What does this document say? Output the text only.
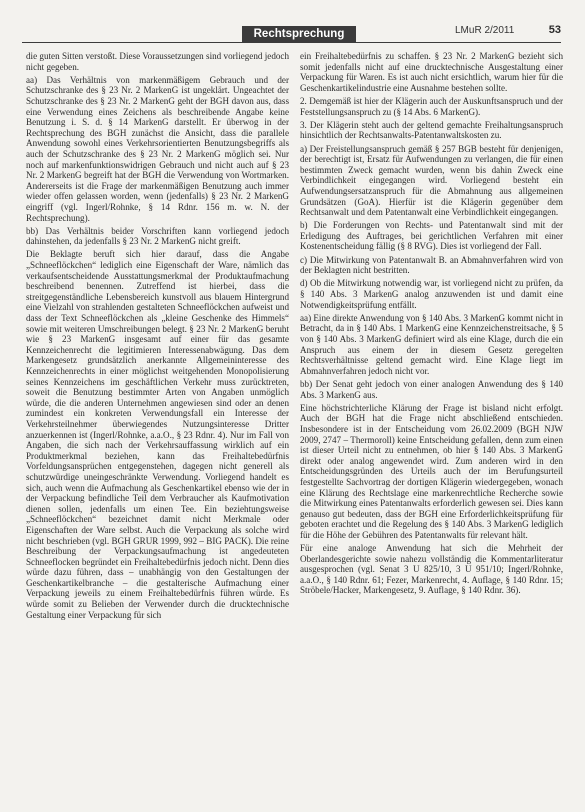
Rechtsprechung	LMuR 2/2011	53

die guten Sitten verstoßt. Diese Voraussetzungen sind vorliegend jedoch nicht gegeben.

aa) Das Verhältnis von markenmäßigem Gebrauch und der Schutzschranke des § 23 Nr. 2 MarkenG ist ungeklärt. Ungeachtet der Schutzschranke des § 23 Nr. 2 MarkenG geht der BGH davon aus, dass eine Verwendung eines Zeichens als beschreibende Angabe keine Benutzung i. S. d. § 14 MarkenG darstellt. Er überwog in der Rechtsprechung des BGH zunächst die Ansicht, dass die parallele Anwendung sowohl eines Verkehrsorientierten Benutzungsbegriffs als auch der Schutzschranke des § 23 Nr. 2 MarkenG möglich sei. Nur noch auf markenfunktionswidrigen Gebrauch und nicht auch auf § 23 Nr. 2 MarkenG begreift hat der BGH die Verwendung von Wortmarken. Andererseits ist die Frage der markenmäßigen Benutzung auch immer wieder offen gelassen worden, wenn (jedenfalls) § 23 Nr. 2 MarkenG eingriff (vgl. Ingerl/Rohnke, § 14 Rdnr. 156 m. w. N. der Rechtsprechung).

bb) Das Verhältnis beider Vorschriften kann vorliegend jedoch dahinstehen, da jedenfalls § 23 Nr. 2 MarkenG nicht greift.

Die Beklagte beruft sich hier darauf, dass die Angabe „Schneeflöckchen“ lediglich eine Eigenschaft der Ware, nämlich das verkaufsentscheidende Ausstattungsmerkmal der Produktaufmachung beschreibend benennen. Zutreffend ist hierbei, dass die streitgegenständliche Lebensbereich kunstvoll aus blauem Hintergrund eine Vielzahl von strahlenden gestalteten Schneeflöckchen aufweist und dass der Text Schneeflöckchen als „kleine Geschenke des Himmels“ sowie mit weiteren Umschreibungen belegt. § 23 Nr. 2 MarkenG beruht wie § 23 MarkenG insgesamt auf einer für das gesamte Kennzeichenrecht die legitimieren Interessenabwägung. Das dem Markengesetz grundsätzlich anerkannte Allgemeininteresse des Kennzeichenrechts in einer möglichst weitgehenden Monopolisierung seines Kennzeichens im geschäftlichen Verkehr muss zurücktreten, soweit die Benutzung bestimmter Arten von Angaben unmöglich würde, die die anderen Unternehmen angewiesen sind oder an denen zumindest ein konkreten Verwendungsfall ein Interesse der Verkehrsteilnehmer überwiegendes Nutzungsinteresse Dritter anzuerkennen ist (Ingerl/Rohnke, a.a.O., § 23 Rdnr. 4). Nur im Fall von Angaben, die sich nach der Verkehrsauffassung wirklich auf ein Produktmerkmal beziehen, kann das Freihaltebedürfnis Vorfeldungsansprüchen entgegenstehen, dagegen nicht generell als schutzwürdige uneingeschränkte Verwendung. Vorliegend handelt es sich, auch wenn die Aufmachung als Geschenkartikel ebenso wie der in der Verpackung befindliche Teil dem Verbraucher als Kaufmotivation dienen sollen, jedenfalls um einen Tee. Ein beziehtungsweise „Schneeflöckchen“ bezeichnet damit nicht Merkmale oder Eigenschaften der Ware selbst. Auch die Verpackung als solche wird nicht beschrieben (vgl. BGH GRUR 1999, 992 – BIG PACK). Die reine Beschreibung der Verpackungsaufmachung ist angedeuteten Schneeflocken begründet ein Freihaltebedürfnis jedoch nicht. Denn dies würde dazu führen, dass – unabhängig von den Gestaltungen der Geschenkartikelbranche – die gestalterische Aufmachung einer Verpackung jeweils zu einem Freihaltebedürfnis führen würde. Es würde somit zu Belieben der Verwender durch die drucktechnische Gestaltung einer Verpackung für sich

ein Freihaltebedürfnis zu schaffen. § 23 Nr. 2 MarkenG bezieht sich somit jedenfalls nicht auf eine drucktechnische Ausgestaltung einer Verpackung für Waren. Es ist auch nicht ersichtlich, warum hier für die Geschenkartikelindustrie eine Ausnahme bestehen sollte.

2. Demgemäß ist hier der Klägerin auch der Auskunftsanspruch und der Feststellungsanspruch zu (§ 14 Abs. 6 MarkenG).

3. Der Klägerin steht auch der geltend gemachte Freihaltungsanspruch hinsichtlich der Rechtsanwalts-Patentanwaltskosten zu.

a) Der Freistellungsanspruch gemäß § 257 BGB besteht für denjenigen, der berechtigt ist, Ersatz für Aufwendungen zu verlangen, die für einen bestimmten Zweck gemacht wurden, wenn bis dahin Zweck eine Verbindlichkeit eingegangen wird. Vorliegend besteht ein Aufwendungsersatzanspruch für die Abmahnung aus allgemeinen Grundsätzen (GoA). Hierfür ist die Klägerin gegenüber dem Rechtsanwalt und dem Patentanwalt eine Verbindlichkeit eingegangen.

b) Die Forderungen von Rechts- und Patentanwalt sind mit der Erledigung des Auftrages, bei gerichtlichen Verfahren mit einer Kostenentscheidung fällig (§ 8 RVG). Dies ist vorliegend der Fall.

c) Die Mitwirkung von Patentanwalt B. an Abmahnverfahren wird von der Beklagten nicht bestritten.

d) Ob die Mitwirkung notwendig war, ist vorliegend nicht zu prüfen, da § 140 Abs. 3 MarkenG analog anzuwenden ist und damit eine Notwendigkeitsprüfung entfällt.

aa) Eine direkte Anwendung von § 140 Abs. 3 MarkenG kommt nicht in Betracht, da in § 140 Abs. 1 MarkenG eine Kennzeichenstreitsache, § 5 von § 140 Abs. 3 MarkenG definiert wird als eine Klage, durch die ein Anspruch aus einem der in diesem Gesetz geregelten Rechtsverhältnisse geltend gemacht wird. Eine Klage liegt im Abmahnverfahren jedoch nicht vor.

bb) Der Senat geht jedoch von einer analogen Anwendung des § 140 Abs. 3 MarkenG aus.

Eine höchstrichterliche Klärung der Frage ist bisland nicht erfolgt. Auch der BGH hat die Frage nicht abschließend entschieden. Insbesondere ist in der Entscheidung vom 26.02.2009 (BGH NJW 2009, 2747 – Thermoroll) keine Entscheidung gefallen, denn zum einen ist dieser Urteil nicht zu entnehmen, ob hier § 140 Abs. 3 MarkenG direkt oder analog angewendet wird. Zum anderen wird in den Entscheidungsgründen des Urteils auch der im Berufungsurteil festgestellte Sachvortrag der dortigen Klägerin wiedergegeben, wonach eine Klärung des Rechtslage eine markenrechtliche Recherche sowie die Mitwirkung eines Patentanwalts erforderlich gewesen sei. Dies kann genauso gut bedeuten, dass der BGH eine Erforderlichkeitsprüfung für geboten erachtet und die Regelung des § 140 Abs. 3 MarkenG lediglich für die Höhe der Gebühren des Patentanwalts für relevant hält.

Für eine analoge Anwendung hat sich die Mehrheit der Oberlandesgerichte sowie nahezu vollständig die Kommentarliteratur ausgesprochen (vgl. Senat 3 U 825/10, 3 U 951/10; Ingerl/Rohnke, a.a.O., § 140 Rdnr. 61; Fezer, Markenrecht, 4. Auflage, § 140 Rdnr. 15; Ströbele/Hacker, Markengesetz, 9. Auflage, § 140 Rdnr. 36).
